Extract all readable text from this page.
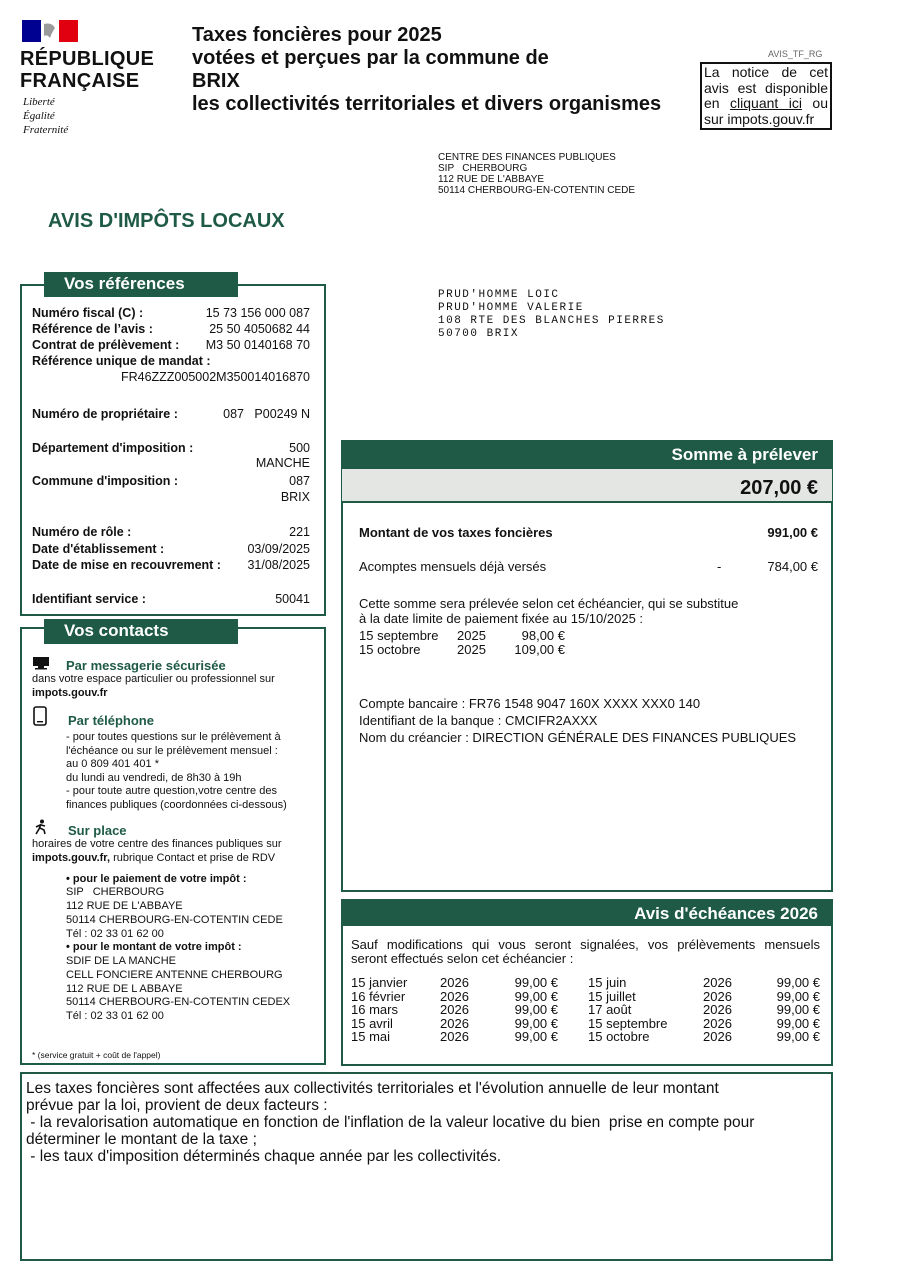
RÉPUBLIQUE
FRANÇAISE
Liberté
Égalité
Fraternité
Taxes foncières pour 2025
votées et perçues par la commune de
BRIX
les collectivités territoriales et divers organismes
AVIS_TF_RG
La notice de cet avis est disponible en cliquant ici ou sur impots.gouv.fr
CENTRE DES FINANCES PUBLIQUES
SIP   CHERBOURG
112 RUE DE L'ABBAYE
50114 CHERBOURG-EN-COTENTIN CEDE
AVIS D'IMPÔTS LOCAUX
PRUD'HOMME LOIC
PRUD'HOMME VALERIE
108 RTE DES BLANCHES PIERRES
50700 BRIX
Vos références
Numéro fiscal (C) :	15 73 156 000 087
Référence de l’avis :	25 50 4050682 44
Contrat de prélèvement :	M3 50 0140168 70
Référence unique de mandat :
FR46ZZZ005002M350014016870
Numéro de propriétaire :	087   P00249 N
Département d'imposition :	500
MANCHE
Commune d'imposition :	087
BRIX
Numéro de rôle :	221
Date d'établissement :	03/09/2025
Date de mise en recouvrement :	31/08/2025
Identifiant service :	50041
Vos contacts
Par messagerie sécurisée
dans votre espace particulier ou professionnel sur
impots.gouv.fr
Par téléphone
- pour toutes questions sur le prélèvement à
l'échéance ou sur le prélèvement mensuel :
au 0 809 401 401 *
du lundi au vendredi, de 8h30 à 19h
- pour toute autre question,votre centre des
finances publiques (coordonnées ci-dessous)
Sur place
horaires de votre centre des finances publiques sur
impots.gouv.fr, rubrique Contact et prise de RDV
• pour le paiement de votre impôt :
SIP   CHERBOURG
112 RUE DE L'ABBAYE
50114 CHERBOURG-EN-COTENTIN CEDE
Tél : 02 33 01 62 00
• pour le montant de votre impôt :
SDIF DE LA MANCHE
CELL FONCIERE ANTENNE CHERBOURG
112 RUE DE L ABBAYE
50114 CHERBOURG-EN-COTENTIN CEDEX
Tél : 02 33 01 62 00
* (service gratuit + coût de l'appel)
Somme à prélever
207,00 €
Montant de vos taxes foncières	991,00 €
Acomptes mensuels déjà versés	-	784,00 €
Cette somme sera prélevée selon cet échéancier, qui se substitue
à la date limite de paiement fixée au 15/10/2025 :
15 septembre 2025	98,00 €
15 octobre	2025	109,00 €
Compte bancaire : FR76 1548 9047 160X XXXX XXX0 140
Identifiant de la banque : CMCIFR2AXXX
Nom du créancier : DIRECTION GÉNÉRALE DES FINANCES PUBLIQUES
Avis d'échéances 2026
Sauf modifications qui vous seront signalées, vos prélèvements mensuels
seront effectués selon cet échéancier :
15 janvier	2026	99,00 €
16 février	2026	99,00 €
16 mars	2026	99,00 €
15 avril	2026	99,00 €
15 mai	2026	99,00 €
15 juin	2026	99,00 €
15 juillet	2026	99,00 €
17 août	2026	99,00 €
15 septembre	2026	99,00 €
15 octobre	2026	99,00 €
Les taxes foncières sont affectées aux collectivités territoriales et l'évolution annuelle de leur montant
prévue par la loi, provient de deux facteurs :
- la revalorisation automatique en fonction de l'inflation de la valeur locative du bien  prise en compte pour
déterminer le montant de la taxe ;
- les taux d'imposition déterminés chaque année par les collectivités.
